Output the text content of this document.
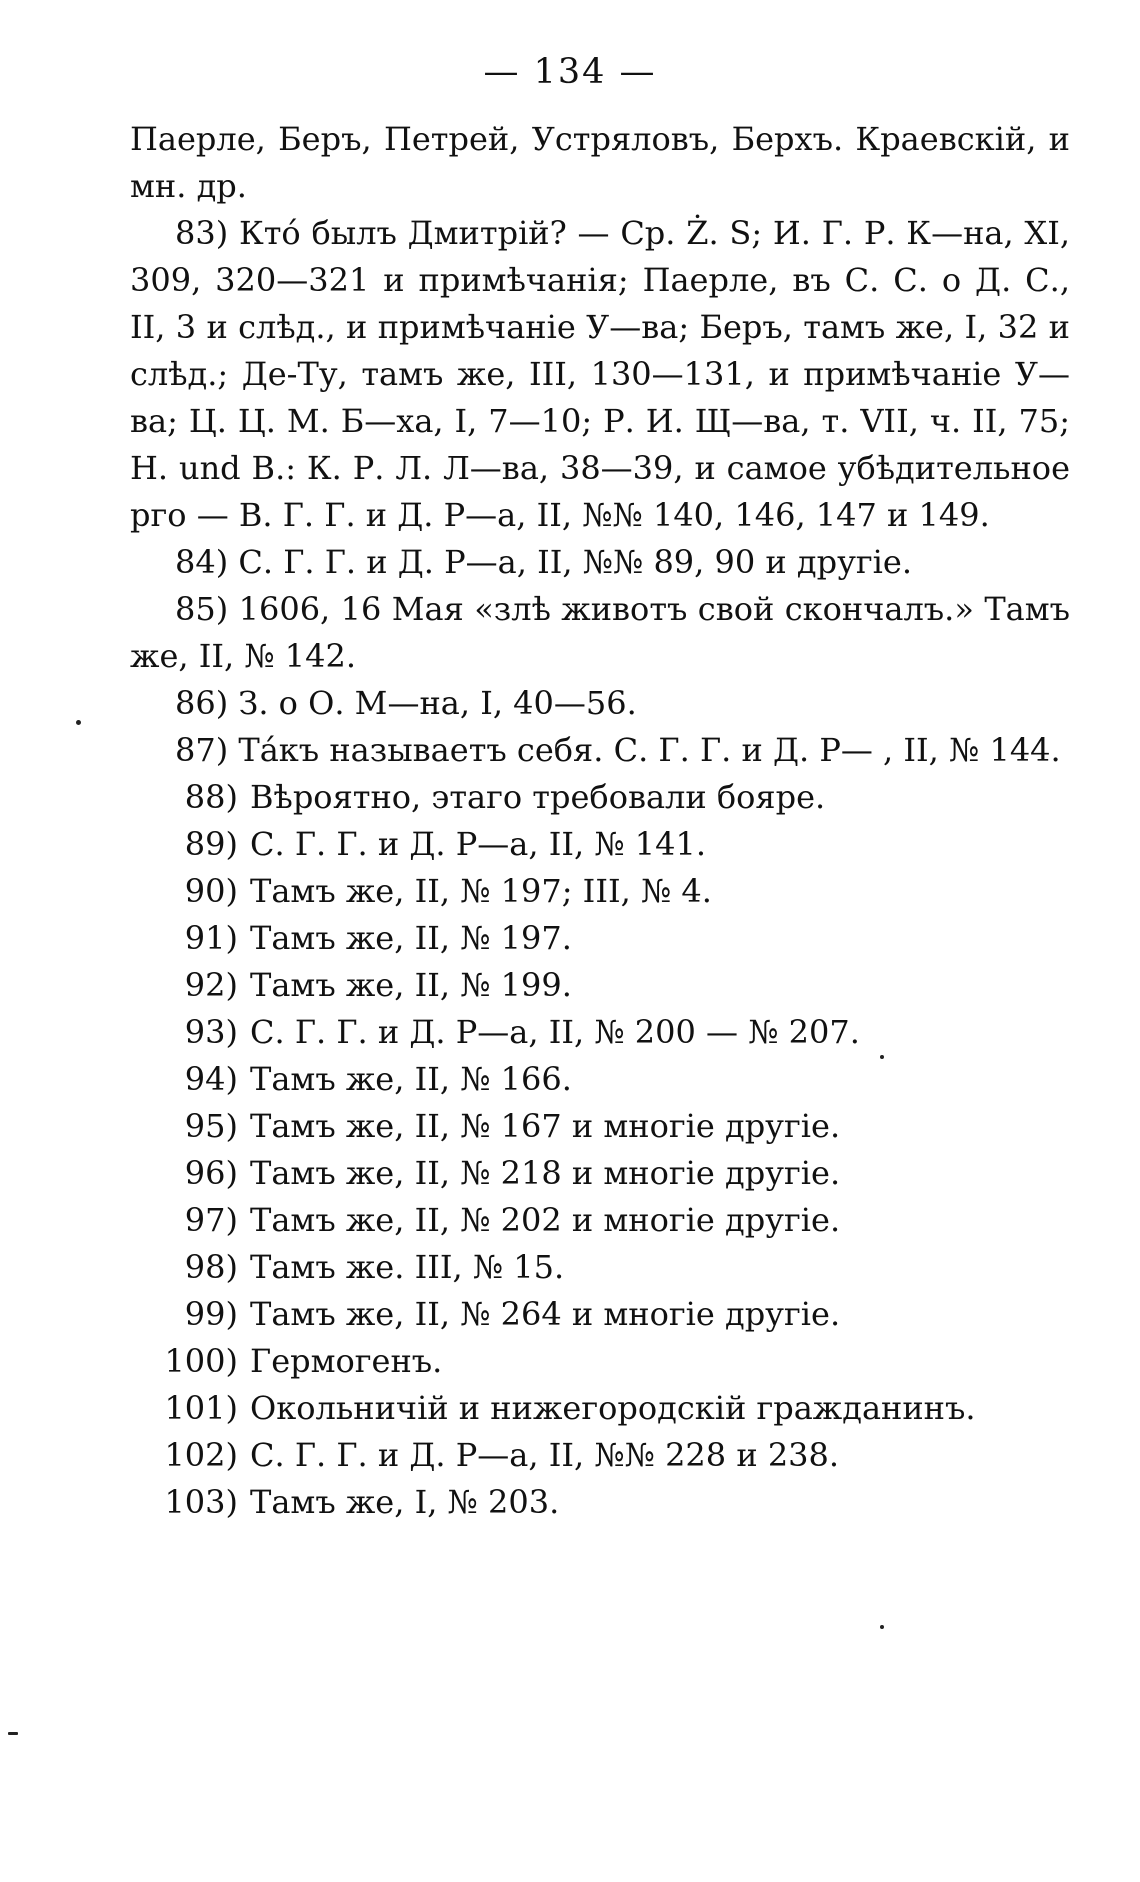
— 134 —

Паерле, Беръ, Петрей, Устряловъ, Берхъ. Краевскій, и мн. др.

83) Ктó былъ Дмитрій? — Ср. Ż. S; И. Г. Р. К—на, XI, 309, 320—321 и примѣчанія; Паерле, въ С. С. о Д. С., II, 3 и слѣд., и примѣчаніе У—ва; Беръ, тамъ же, I, 32 и слѣд.; Де-Ту, тамъ же, III, 130—131, и примѣчаніе У—ва; Ц. Ц. М. Б—ха, I, 7—10; Р. И. Щ—ва, т. VII, ч. II, 75; H. und B.: К. Р. Л. Л—ва, 38—39, и самое убѣдительное рго — В. Г. Г. и Д. Р—а, II, №№ 140, 146, 147 и 149.

84) С. Г. Г. и Д. Р—а, II, №№ 89, 90 и другіе.

85) 1606, 16 Мая «злѣ животъ свой скончалъ.» Тамъ же, II, № 142.

86) З. о О. М—на, I, 40—56.

87) Тáкъ называетъ себя. С. Г. Г. и Д. Р— , II, № 144.

88) Вѣроятно, этаго требовали бояре.

89) С. Г. Г. и Д. Р—а, II, № 141.

90) Тамъ же, II, № 197; III, № 4.

91) Тамъ же, II, № 197.

92) Тамъ же, II, № 199.

93) С. Г. Г. и Д. Р—а, II, № 200 — № 207.

94) Тамъ же, II, № 166.

95) Тамъ же, II, № 167 и многіе другіе.

96) Тамъ же, II, № 218 и многіе другіе.

97) Тамъ же, II, № 202 и многіе другіе.

98) Тамъ же. III, № 15.

99) Тамъ же, II, № 264 и многіе другіе.

100) Гермогенъ.

101) Окольничій и нижегородскій гражданинъ.

102) С. Г. Г. и Д. Р—а, II, №№ 228 и 238.

103) Тамъ же, I, № 203.
